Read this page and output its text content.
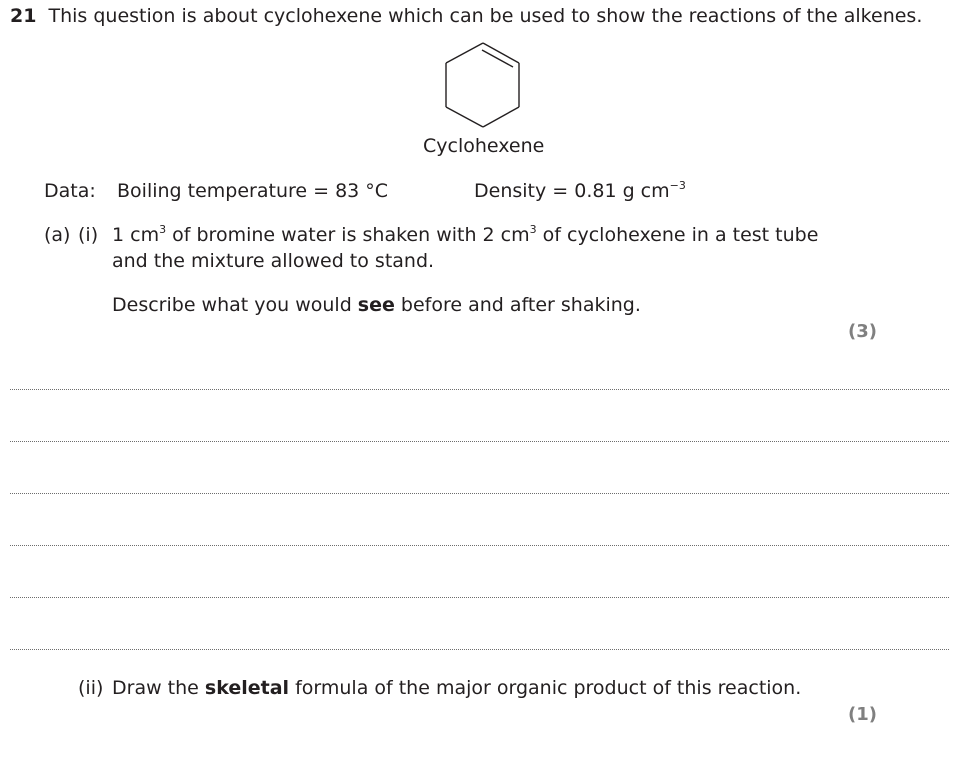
21 This question is about cyclohexene which can be used to show the reactions of the alkenes.
Cyclohexene
Data: Boiling temperature = 83 °C	Density = 0.81 g $cm^{-3}$
(a) (i) 1 $cm^3$ of bromine water is shaken with 2 $cm^3$ of cyclohexene in a test tube
and the mixture allowed to stand.
Describe what you would see before and after shaking.
(3)
(ii) Draw the skeletal formula of the major organic product of this reaction.
(1)
